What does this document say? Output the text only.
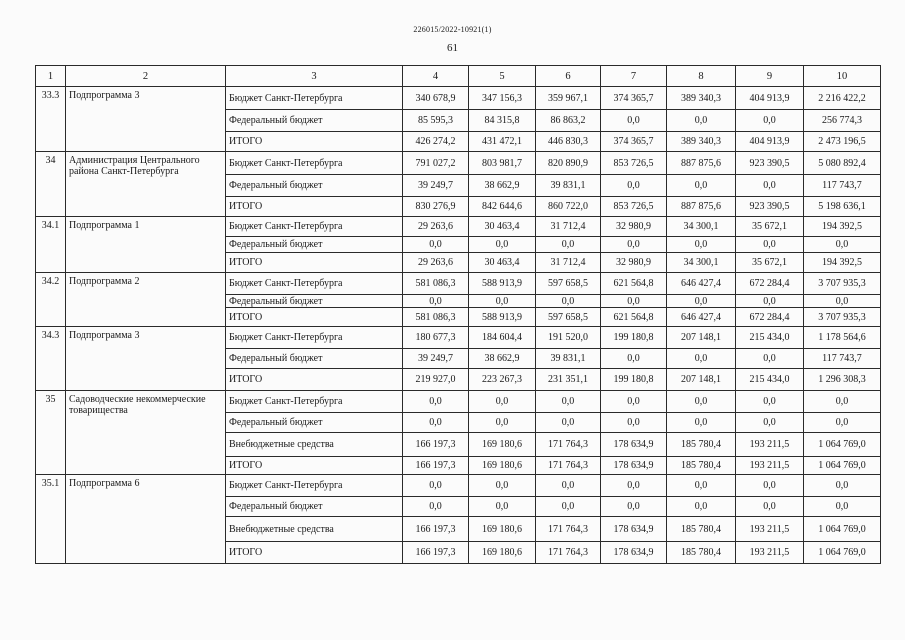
226015/2022-10921(1)
61
1	2	3	4	5	6	7	8	9	10
33.3	Подпрограмма 3	Бюджет Санкт-Петербурга	340 678,9	347 156,3	359 967,1	374 365,7	389 340,3	404 913,9	2 216 422,2
		Федеральный бюджет	85 595,3	84 315,8	86 863,2	0,0	0,0	0,0	256 774,3
		ИТОГО	426 274,2	431 472,1	446 830,3	374 365,7	389 340,3	404 913,9	2 473 196,5
34	Администрация Центрального района Санкт-Петербурга	Бюджет Санкт-Петербурга	791 027,2	803 981,7	820 890,9	853 726,5	887 875,6	923 390,5	5 080 892,4
		Федеральный бюджет	39 249,7	38 662,9	39 831,1	0,0	0,0	0,0	117 743,7
		ИТОГО	830 276,9	842 644,6	860 722,0	853 726,5	887 875,6	923 390,5	5 198 636,1
34.1	Подпрограмма 1	Бюджет Санкт-Петербурга	29 263,6	30 463,4	31 712,4	32 980,9	34 300,1	35 672,1	194 392,5
		Федеральный бюджет	0,0	0,0	0,0	0,0	0,0	0,0	0,0
		ИТОГО	29 263,6	30 463,4	31 712,4	32 980,9	34 300,1	35 672,1	194 392,5
34.2	Подпрограмма 2	Бюджет Санкт-Петербурга	581 086,3	588 913,9	597 658,5	621 564,8	646 427,4	672 284,4	3 707 935,3
		Федеральный бюджет	0,0	0,0	0,0	0,0	0,0	0,0	0,0
		ИТОГО	581 086,3	588 913,9	597 658,5	621 564,8	646 427,4	672 284,4	3 707 935,3
34.3	Подпрограмма 3	Бюджет Санкт-Петербурга	180 677,3	184 604,4	191 520,0	199 180,8	207 148,1	215 434,0	1 178 564,6
		Федеральный бюджет	39 249,7	38 662,9	39 831,1	0,0	0,0	0,0	117 743,7
		ИТОГО	219 927,0	223 267,3	231 351,1	199 180,8	207 148,1	215 434,0	1 296 308,3
35	Садоводческие некоммерческие товарищества	Бюджет Санкт-Петербурга	0,0	0,0	0,0	0,0	0,0	0,0	0,0
		Федеральный бюджет	0,0	0,0	0,0	0,0	0,0	0,0	0,0
		Внебюджетные средства	166 197,3	169 180,6	171 764,3	178 634,9	185 780,4	193 211,5	1 064 769,0
		ИТОГО	166 197,3	169 180,6	171 764,3	178 634,9	185 780,4	193 211,5	1 064 769,0
35.1	Подпрограмма 6	Бюджет Санкт-Петербурга	0,0	0,0	0,0	0,0	0,0	0,0	0,0
		Федеральный бюджет	0,0	0,0	0,0	0,0	0,0	0,0	0,0
		Внебюджетные средства	166 197,3	169 180,6	171 764,3	178 634,9	185 780,4	193 211,5	1 064 769,0
		ИТОГО	166 197,3	169 180,6	171 764,3	178 634,9	185 780,4	193 211,5	1 064 769,0
